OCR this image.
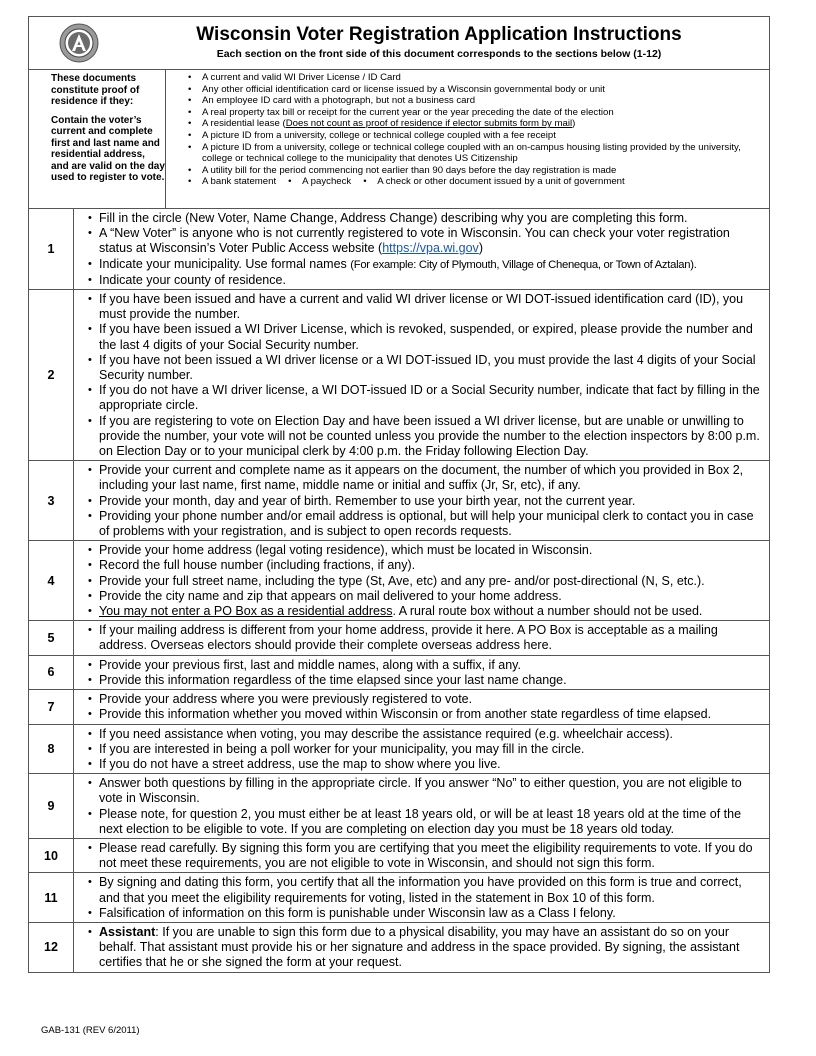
Wisconsin Voter Registration Application Instructions
Each section on the front side of this document corresponds to the sections below (1-12)

These documents constitute proof of residence if they:

Contain the voter’s current and complete first and last name and residential address, and are valid on the day used to register to vote.

• A current and valid WI Driver License / ID Card
• Any other official identification card or license issued by a Wisconsin governmental body or unit
• An employee ID card with a photograph, but not a business card
• A real property tax bill or receipt for the current year or the year preceding the date of the election
• A residential lease (Does not count as proof of residence if elector submits form by mail)
• A picture ID from a university, college or technical college coupled with a fee receipt
• A picture ID from a university, college or technical college coupled with an on-campus housing listing provided by the university, college or technical college to the municipality that denotes US Citizenship
• A utility bill for the period commencing not earlier than 90 days before the day registration is made
• A bank statement	• A paycheck	• A check or other document issued by a unit of government
1
• Fill in the circle (New Voter, Name Change, Address Change) describing why you are completing this form.
• A “New Voter” is anyone who is not currently registered to vote in Wisconsin. You can check your voter registration status at Wisconsin’s Voter Public Access website (https://vpa.wi.gov)
• Indicate your municipality. Use formal names (For example: City of Plymouth, Village of Chenequa, or Town of Aztalan).
• Indicate your county of residence.
2
• If you have been issued and have a current and valid WI driver license or WI DOT-issued identification card (ID), you must provide the number.
• If you have been issued a WI Driver License, which is revoked, suspended, or expired, please provide the number and the last 4 digits of your Social Security number.
• If you have not been issued a WI driver license or a WI DOT-issued ID, you must provide the last 4 digits of your Social Security number.
• If you do not have a WI driver license, a WI DOT-issued ID or a Social Security number, indicate that fact by filling in the appropriate circle.
• If you are registering to vote on Election Day and have been issued a WI driver license, but are unable or unwilling to provide the number, your vote will not be counted unless you provide the number to the election inspectors by 8:00 p.m. on Election Day or to your municipal clerk by 4:00 p.m. the Friday following Election Day.
3
• Provide your current and complete name as it appears on the document, the number of which you provided in Box 2, including your last name, first name, middle name or initial and suffix (Jr, Sr, etc), if any.
• Provide your month, day and year of birth. Remember to use your birth year, not the current year.
• Providing your phone number and/or email address is optional, but will help your municipal clerk to contact you in case of problems with your registration, and is subject to open records requests.
4
• Provide your home address (legal voting residence), which must be located in Wisconsin.
• Record the full house number (including fractions, if any).
• Provide your full street name, including the type (St, Ave, etc) and any pre- and/or post-directional (N, S, etc.).
• Provide the city name and zip that appears on mail delivered to your home address.
• You may not enter a PO Box as a residential address. A rural route box without a number should not be used.
5
• If your mailing address is different from your home address, provide it here. A PO Box is acceptable as a mailing address. Overseas electors should provide their complete overseas address here.
6
• Provide your previous first, last and middle names, along with a suffix, if any.
• Provide this information regardless of the time elapsed since your last name change.
7
• Provide your address where you were previously registered to vote.
• Provide this information whether you moved within Wisconsin or from another state regardless of time elapsed.
8
• If you need assistance when voting, you may describe the assistance required (e.g. wheelchair access).
• If you are interested in being a poll worker for your municipality, you may fill in the circle.
• If you do not have a street address, use the map to show where you live.
9
• Answer both questions by filling in the appropriate circle. If you answer “No” to either question, you are not eligible to vote in Wisconsin.
• Please note, for question 2, you must either be at least 18 years old, or will be at least 18 years old at the time of the next election to be eligible to vote. If you are completing on election day you must be 18 years old today.
10
• Please read carefully. By signing this form you are certifying that you meet the eligibility requirements to vote. If you do not meet these requirements, you are not eligible to vote in Wisconsin, and should not sign this form.
11
• By signing and dating this form, you certify that all the information you have provided on this form is true and correct, and that you meet the eligibility requirements for voting, listed in the statement in Box 10 of this form.
• Falsification of information on this form is punishable under Wisconsin law as a Class I felony.
12
• Assistant: If you are unable to sign this form due to a physical disability, you may have an assistant do so on your behalf. That assistant must provide his or her signature and address in the space provided. By signing, the assistant certifies that he or she signed the form at your request.
GAB-131 (REV 6/2011)
